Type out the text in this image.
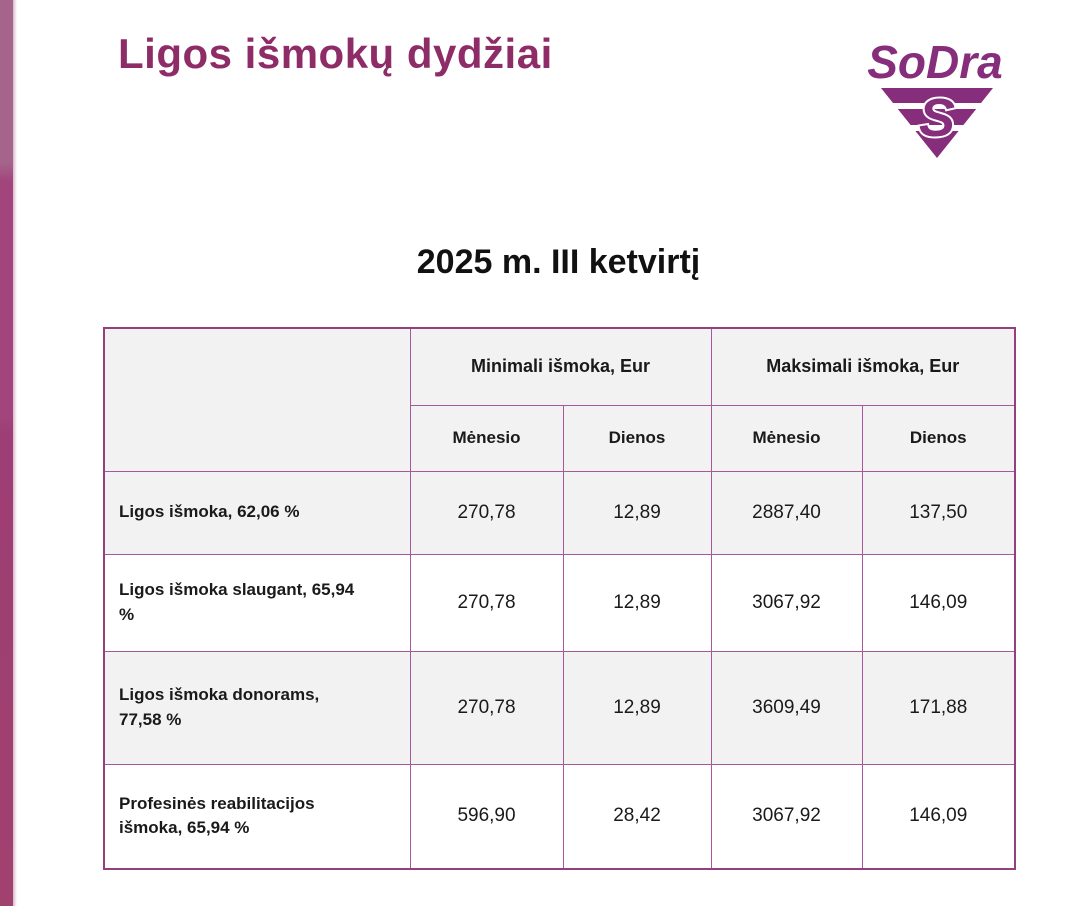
Ligos išmokų dydžiai	SoDra
S
2025 m. III ketvirtį
	Minimali išmoka, Eur		Maksimali išmoka, Eur	
	Mėnesio	Dienos	Mėnesio	Dienos
Ligos išmoka, 62,06 %	270,78	12,89	2887,40	137,50
Ligos išmoka slaugant, 65,94 %	270,78	12,89	3067,92	146,09
Ligos išmoka donorams, 77,58 %	270,78	12,89	3609,49	171,88
Profesinės reabilitacijos išmoka, 65,94 %	596,90	28,42	3067,92	146,09
